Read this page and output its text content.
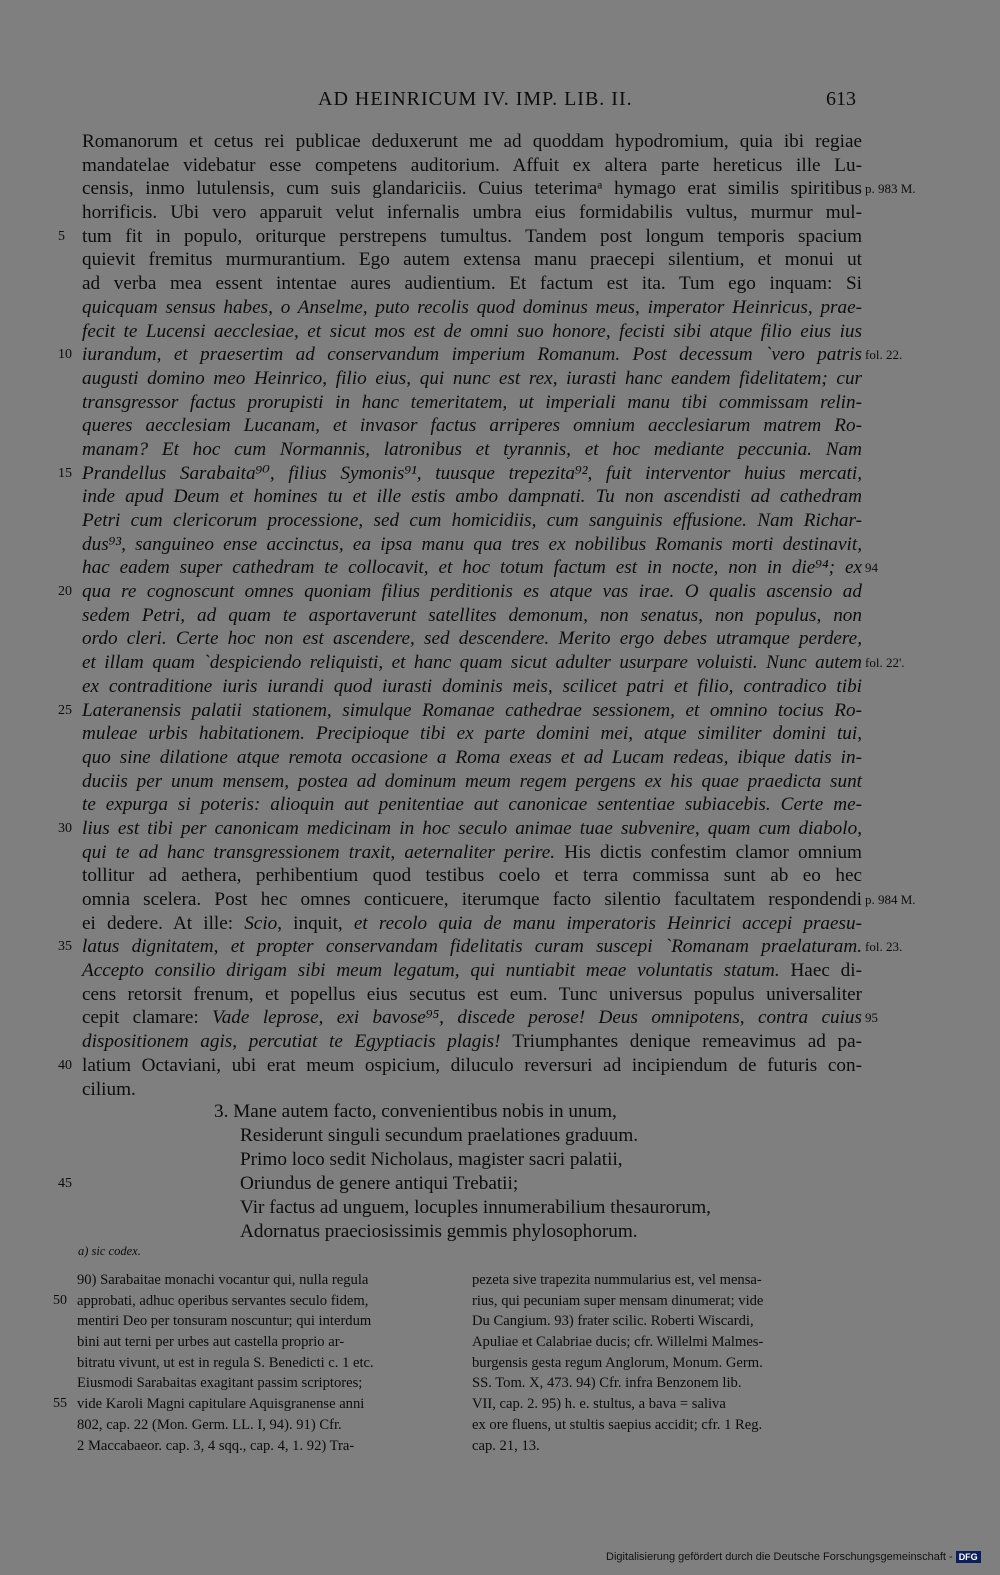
AD HEINRICUM IV. IMP. LIB. II.	613
Romanorum et cetus rei publicae deduxerunt me ad quoddam hypodromium, quia ibi regiae
mandatelae videbatur esse competens auditorium. Affuit ex altera parte hereticus ille Lu-
censis, inmo lutulensis, cum suis glandariciis. Cuius teterimaᵃ hymago erat similis spiritibus p. 983 M.
horrificis. Ubi vero apparuit velut infernalis umbra eius formidabilis vultus, murmur mul-
5 tum fit in populo, oriturque perstrepens tumultus. Tandem post longum temporis spacium
quievit fremitus murmurantium. Ego autem extensa manu praecepi silentium, et monui ut
ad verba mea essent intentae aures audientium. Et factum est ita. Tum ego inquam: Si
quicquam sensus habes, o Anselme, puto recolis quod dominus meus, imperator Heinricus, prae-
fecit te Lucensi aecclesiae, et sicut mos est de omni suo honore, fecisti sibi atque filio eius ius
10 iurandum, et praesertim ad conservandum imperium Romanum. Post decessum `vero patris fol. 22.
augusti domino meo Heinrico, filio eius, qui nunc est rex, iurasti hanc eandem fidelitatem; cur
transgressor factus prorupisti in hanc temeritatem, ut imperiali manu tibi commissam relin-
queres aecclesiam Lucanam, et invasor factus arriperes omnium aecclesiarum matrem Ro-
manam? Et hoc cum Normannis, latronibus et tyrannis, et hoc mediante peccunia. Nam
15 Prandellus Sarabaita⁹⁰, filius Symonis⁹¹, tuusque trepezita⁹², fuit interventor huius mercati,
inde apud Deum et homines tu et ille estis ambo dampnati. Tu non ascendisti ad cathedram
Petri cum clericorum processione, sed cum homicidiis, cum sanguinis effusione. Nam Richar-
dus⁹³, sanguineo ense accinctus, ea ipsa manu qua tres ex nobilibus Romanis morti destinavit,
hac eadem super cathedram te collocavit, et hoc totum factum est in nocte, non in die⁹⁴; ex 94
20 qua re cognoscunt omnes quoniam filius perditionis es atque vas irae. O qualis ascensio ad
sedem Petri, ad quam te asportaverunt satellites demonum, non senatus, non populus, non
ordo cleri. Certe hoc non est ascendere, sed descendere. Merito ergo debes utramque perdere,
et illam quam `despiciendo reliquisti, et hanc quam sicut adulter usurpare voluisti. Nunc autem fol. 22'.
ex contraditione iuris iurandi quod iurasti dominis meis, scilicet patri et filio, contradico tibi
25 Lateranensis palatii stationem, simulque Romanae cathedrae sessionem, et omnino tocius Ro-
muleae urbis habitationem. Precipioque tibi ex parte domini mei, atque similiter domini tui,
quo sine dilatione atque remota occasione a Roma exeas et ad Lucam redeas, ibique datis in-
duciis per unum mensem, postea ad dominum meum regem pergens ex his quae praedicta sunt
te expurga si poteris: alioquin aut penitentiae aut canonicae sententiae subiacebis. Certe me-
30 lius est tibi per canonicam medicinam in hoc seculo animae tuae subvenire, quam cum diabolo,
qui te ad hanc transgressionem traxit, aeternaliter perire. His dictis confestim clamor omnium
tollitur ad aethera, perhibentium quod testibus coelo et terra commissa sunt ab eo hec
omnia scelera. Post hec omnes conticuere, iterumque facto silentio facultatem respondendi p. 984 M.
ei dedere. At ille: Scio, inquit, et recolo quia de manu imperatoris Heinrici accepi praesu-
35 latus dignitatem, et propter conservandam fidelitatis curam suscepi `Romanam praelaturam. fol. 23.
Accepto consilio dirigam sibi meum legatum, qui nuntiabit meae voluntatis statum. Haec di-
cens retorsit frenum, et popellus eius secutus est eum. Tunc universus populus universaliter
cepit clamare: Vade leprose, exi bavose⁹⁵, discede perose! Deus omnipotens, contra cuius 95
dispositionem agis, percutiat te Egyptiacis plagis! Triumphantes denique remeavimus ad pa-
40 latium Octaviani, ubi erat meum ospicium, diluculo reversuri ad incipiendum de futuris con-
cilium.
3. Mane autem facto, convenientibus nobis in unum,
Residerunt singuli secundum praelationes graduum.
Primo loco sedit Nicholaus, magister sacri palatii,
45	Oriundus de genere antiqui Trebatii;
Vir factus ad unguem, locuples innumerabilium thesaurorum,
Adornatus praeciosissimis gemmis phylosophorum.
a) sic codex.
90) Sarabaitae monachi vocantur qui, nulla regula
50 approbati, adhuc operibus servantes seculo fidem,
mentiri Deo per tonsuram noscuntur; qui interdum
bini aut terni per urbes aut castella proprio ar-
bitratu vivunt, ut est in regula S. Benedicti c. 1 etc.
Eiusmodi Sarabaitas exagitant passim scriptores;
55 vide Karoli Magni capitulare Aquisgranense anni
802, cap. 22 (Mon. Germ. LL. I, 94). 91) Cfr.
2 Maccabaeor. cap. 3, 4 sqq., cap. 4, 1. 92) Tra-
pezeta sive trapezita nummularius est, vel mensa-
rius, qui pecuniam super mensam dinumerat; vide
Du Cangium. 93) frater scilic. Roberti Wiscardi,
Apuliae et Calabriae ducis; cfr. Willelmi Malmes-
burgensis gesta regum Anglorum, Monum. Germ.
SS. Tom. X, 473. 94) Cfr. infra Benzonem lib.
VII, cap. 2. 95) h. e. stultus, a bava = saliva
ex ore fluens, ut stultis saepius accidit; cfr. 1 Reg.
cap. 21, 13.
Digitalisierung gefördert durch die Deutsche Forschungsgemeinschaft - DFG
